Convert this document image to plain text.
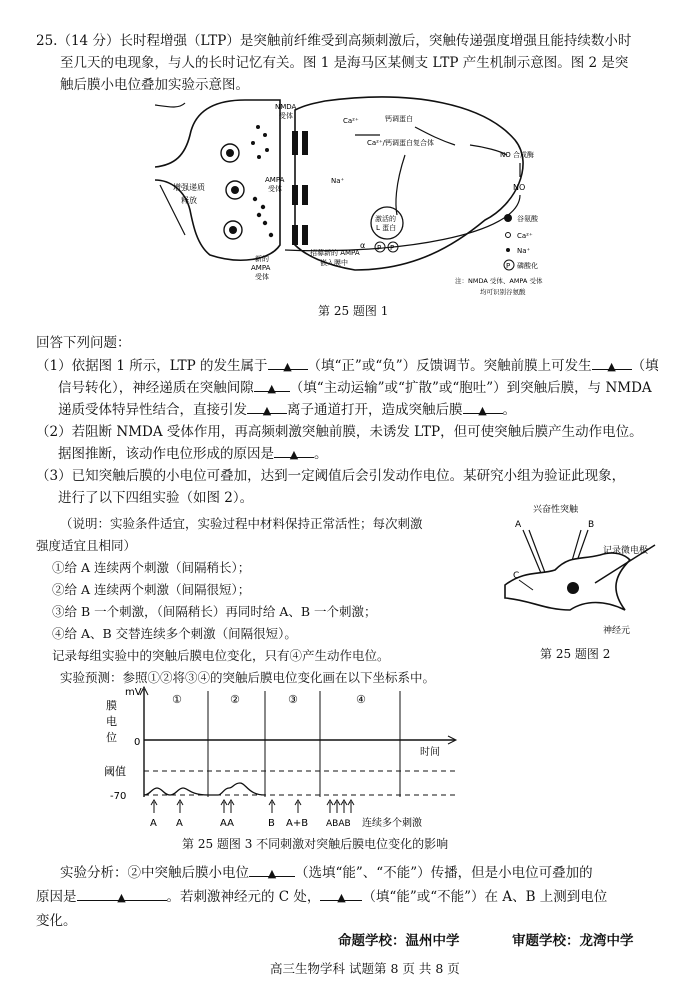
25.（14 分）长时程增强（LTP）是突触前纤维受到高频刺激后，突触传递强度增强且能持续数小时
至几天的电现象，与人的长时记忆有关。图 1 是海马区某侧支 LTP 产生机制示意图。图 2 是突
触后膜小电位叠加实验示意图。
NMDA
受体
AMPA
受体
新的
AMPA
受体
Ca²⁺	钙调蛋白
Ca²⁺/钙调蛋白复合体
NO 合成酶
NO
Na⁺
激活的
L 蛋白
α P P
招募新的 AMPA
嵌入膜中
增强递质
释放
谷氨酸
Ca²⁺
Na⁺
P 磷酸化
注：NMDA 受体、AMPA 受体
均可识别谷氨酸
第 25 题图 1
回答下列问题：
（1）依据图 1 所示，LTP 的发生属于 ▲ （填“正”或“负”）反馈调节。突触前膜上可发生 ▲ （填
信号转化），神经递质在突触间隙 ▲ （填“主动运输”或“扩散”或“胞吐”）到突触后膜，与 NMDA
递质受体特异性结合，直接引发 ▲ 离子通道打开，造成突触后膜 ▲ 。
（2）若阻断 NMDA 受体作用，再高频刺激突触前膜，未诱发 LTP，但可使突触后膜产生动作电位。
据图推断，该动作电位形成的原因是 ▲ 。
（3）已知突触后膜的小电位可叠加，达到一定阈值后会引发动作电位。某研究小组为验证此现象，
进行了以下四组实验（如图 2）。
（说明：实验条件适宜，实验过程中材料保持正常活性；每次刺激
强度适宜且相同）
①给 A 连续两个刺激（间隔稍长）；
②给 A 连续两个刺激（间隔很短）；
③给 B 一个刺激，（间隔稍长）再同时给 A、B 一个刺激；
④给 A、B 交替连续多个刺激（间隔很短）。
记录每组实验中的突触后膜电位变化，只有④产生动作电位。
实验预测：参照①②将③④的突触后膜电位变化画在以下坐标系中。
兴奋性突触
A	B
记录微电极
C
神经元
第 25 题图 2
mV
膜
电
位 0
时间
①	②	③	④
阈值
-70
A A	AA	B A+B ABAB 连续多个刺激
第 25 题图 3 不同刺激对突触后膜电位变化的影响
实验分析：②中突触后膜小电位 ▲ （选填“能”、“不能”）传播，但是小电位可叠加的
原因是	▲	。若刺激神经元的 C 处， ▲ （填“能”或“不能”）在 A、B 上测到电位
变化。
命题学校：温州中学	审题学校：龙湾中学
高三生物学科 试题第 8 页 共 8 页
